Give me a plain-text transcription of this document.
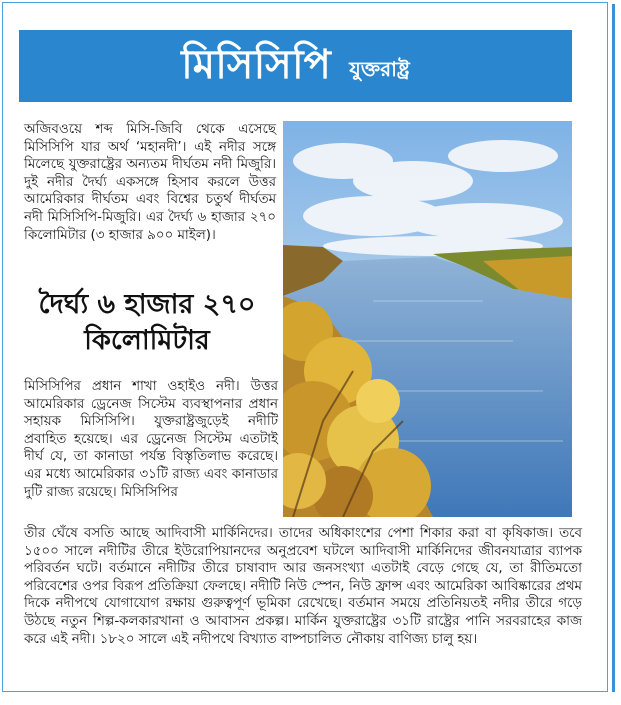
মিসিসিপি যুক্তরাষ্ট্র
অজিবওয়ে শব্দ মিসি-জিবি থেকে এসেছে মিসিসিপি যার অর্থ ‘মহানদী’। এই নদীর সঙ্গে মিলেছে যুক্তরাষ্ট্রের অন্যতম দীর্ঘতম নদী মিজুরি। দুই নদীর দৈর্ঘ্য একসঙ্গে হিসাব করলে উত্তর আমেরিকার দীর্ঘতম এবং বিশ্বের চতুর্থ দীর্ঘতম নদী মিসিসিপি-মিজুরি। এর দৈর্ঘ্য ৬ হাজার ২৭০ কিলোমিটার (৩ হাজার ৯০০ মাইল)।
দৈর্ঘ্য ৬ হাজার ২৭০ কিলোমিটার
মিসিসিপির প্রধান শাখা ওহাইও নদী। উত্তর আমেরিকার ড্রেনেজ সিস্টেম ব্যবস্থাপনার প্রধান সহায়ক মিসিসিপি। যুক্তরাষ্ট্রজুড়েই নদীটি প্রবাহিত হয়েছে। এর ড্রেনেজ সিস্টেম এতটাই দীর্ঘ যে, তা কানাডা পর্যন্ত বিস্তৃতিলাভ করেছে। এর মধ্যে আমেরিকার ৩১টি রাজ্য এবং কানাডার দুটি রাজ্য রয়েছে। মিসিসিপির
তীর ঘেঁষে বসতি আছে আদিবাসী মার্কিনিদের। তাদের অধিকাংশের পেশা শিকার করা বা কৃষিকাজ। তবে ১৫০০ সালে নদীটির তীরে ইউরোপিয়ানদের অনুপ্রবেশ ঘটলে আদিবাসী মার্কিনিদের জীবনযাত্রার ব্যাপক পরিবর্তন ঘটে। বর্তমানে নদীটির তীরে চাষাবাদ আর জনসংখ্যা এতটাই বেড়ে গেছে যে, তা রীতিমতো পরিবেশের ওপর বিরূপ প্রতিক্রিয়া ফেলছে। নদীটি নিউ স্পেন, নিউ ফ্রান্স এবং আমেরিকা আবিষ্কারের প্রথম দিকে নদীপথে যোগাযোগ রক্ষায় গুরুত্বপূর্ণ ভূমিকা রেখেছে। বর্তমান সময়ে প্রতিনিয়তই নদীর তীরে গড়ে উঠছে নতুন শিল্প-কলকারখানা ও আবাসন প্রকল্প। মার্কিন যুক্তরাষ্ট্রের ৩১টি রাষ্ট্রের পানি সরবরাহের কাজ করে এই নদী। ১৮২০ সালে এই নদীপথে বিখ্যাত বাষ্পচালিত নৌকায় বাণিজ্য চালু হয়।
